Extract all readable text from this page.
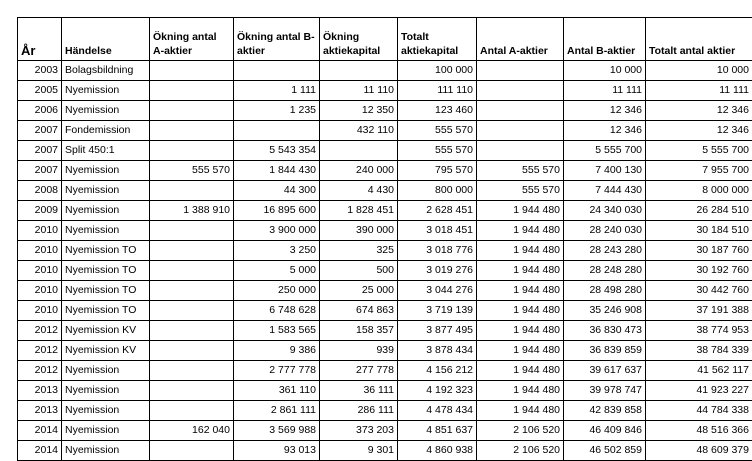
År	Händelse	Ökning antal A-aktier	Ökning antal B-aktier	Ökning aktiekapital	Totalt aktiekapital	Antal A-aktier	Antal B-aktier	Totalt antal aktier
2003	Bolagsbildning				100 000		10 000	10 000
2005	Nyemission		1 111	11 110	111 110		11 111	11 111
2006	Nyemission		1 235	12 350	123 460		12 346	12 346
2007	Fondemission			432 110	555 570		12 346	12 346
2007	Split 450:1		5 543 354		555 570		5 555 700	5 555 700
2007	Nyemission	555 570	1 844 430	240 000	795 570	555 570	7 400 130	7 955 700
2008	Nyemission		44 300	4 430	800 000	555 570	7 444 430	8 000 000
2009	Nyemission	1 388 910	16 895 600	1 828 451	2 628 451	1 944 480	24 340 030	26 284 510
2010	Nyemission		3 900 000	390 000	3 018 451	1 944 480	28 240 030	30 184 510
2010	Nyemission TO		3 250	325	3 018 776	1 944 480	28 243 280	30 187 760
2010	Nyemission TO		5 000	500	3 019 276	1 944 480	28 248 280	30 192 760
2010	Nyemission TO		250 000	25 000	3 044 276	1 944 480	28 498 280	30 442 760
2010	Nyemission TO		6 748 628	674 863	3 719 139	1 944 480	35 246 908	37 191 388
2012	Nyemission KV		1 583 565	158 357	3 877 495	1 944 480	36 830 473	38 774 953
2012	Nyemission KV		9 386	939	3 878 434	1 944 480	36 839 859	38 784 339
2012	Nyemission		2 777 778	277 778	4 156 212	1 944 480	39 617 637	41 562 117
2013	Nyemission		361 110	36 111	4 192 323	1 944 480	39 978 747	41 923 227
2013	Nyemission		2 861 111	286 111	4 478 434	1 944 480	42 839 858	44 784 338
2014	Nyemission	162 040	3 569 988	373 203	4 851 637	2 106 520	46 409 846	48 516 366
2014	Nyemission		93 013	9 301	4 860 938	2 106 520	46 502 859	48 609 379
